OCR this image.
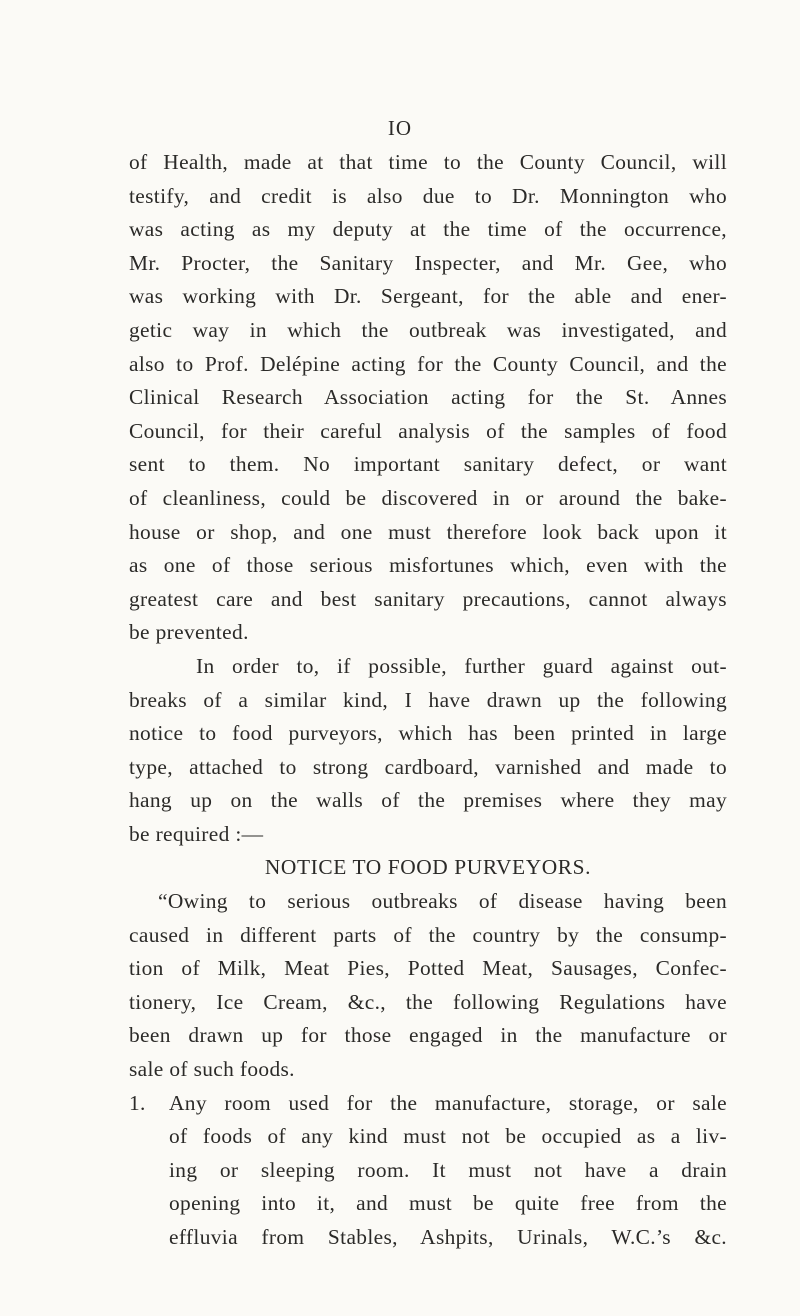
IO
of Health, made at that time to the County Council, will
testify, and credit is also due to Dr. Monnington who
was acting as my deputy at the time of the occurrence,
Mr. Procter, the Sanitary Inspecter, and Mr. Gee, who
was working with Dr. Sergeant, for the able and ener-
getic way in which the outbreak was investigated, and
also to Prof. Delépine acting for the County Council, and the
Clinical Research Association acting for the St. Annes
Council, for their careful analysis of the samples of food
sent to them. No important sanitary defect, or want
of cleanliness, could be discovered in or around the bake-
house or shop, and one must therefore look back upon it
as one of those serious misfortunes which, even with the
greatest care and best sanitary precautions, cannot always
be prevented.
In order to, if possible, further guard against out-
breaks of a similar kind, I have drawn up the following
notice to food purveyors, which has been printed in large
type, attached to strong cardboard, varnished and made to
hang up on the walls of the premises where they may
be required :—
NOTICE TO FOOD PURVEYORS.
“Owing to serious outbreaks of disease having been
caused in different parts of the country by the consump-
tion of Milk, Meat Pies, Potted Meat, Sausages, Confec-
tionery, Ice Cream, &c., the following Regulations have
been drawn up for those engaged in the manufacture or
sale of such foods.
1. Any room used for the manufacture, storage, or sale
of foods of any kind must not be occupied as a liv-
ing or sleeping room. It must not have a drain
opening into it, and must be quite free from the
effluvia from Stables, Ashpits, Urinals, W.C.’s &c.
